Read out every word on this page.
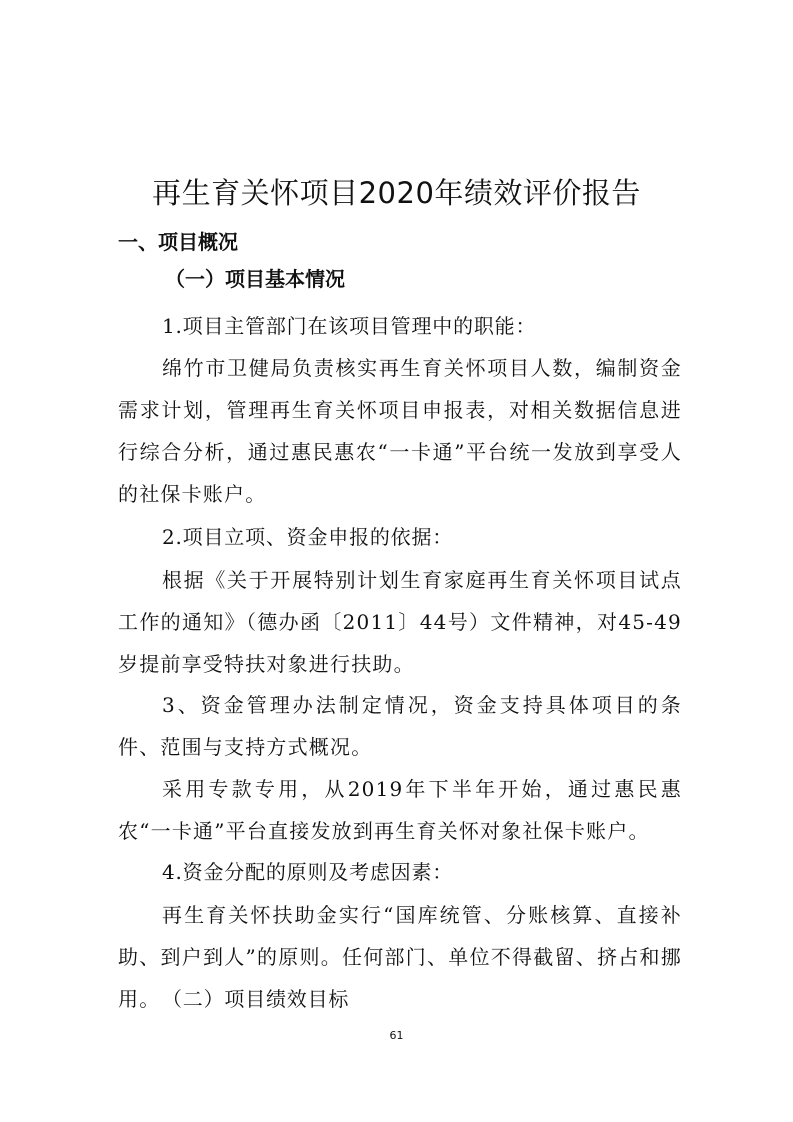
再生育关怀项目2020年绩效评价报告
一、项目概况
（一）项目基本情况

1.项目主管部门在该项目管理中的职能：

绵竹市卫健局负责核实再生育关怀项目人数，编制资金需求计划，管理再生育关怀项目申报表，对相关数据信息进行综合分析，通过惠民惠农“一卡通”平台统一发放到享受人的社保卡账户。

2.项目立项、资金申报的依据：

根据《关于开展特别计划生育家庭再生育关怀项目试点工作的通知》（德办函〔2011〕44号）文件精神，对45-49岁提前享受特扶对象进行扶助。

3、资金管理办法制定情况，资金支持具体项目的条件、范围与支持方式概况。

采用专款专用，从2019年下半年开始，通过惠民惠农“一卡通”平台直接发放到再生育关怀对象社保卡账户。

4.资金分配的原则及考虑因素：

再生育关怀扶助金实行“国库统管、分账核算、直接补助、到户到人”的原则。任何部门、单位不得截留、挤占和挪用。 （二）项目绩效目标

61
